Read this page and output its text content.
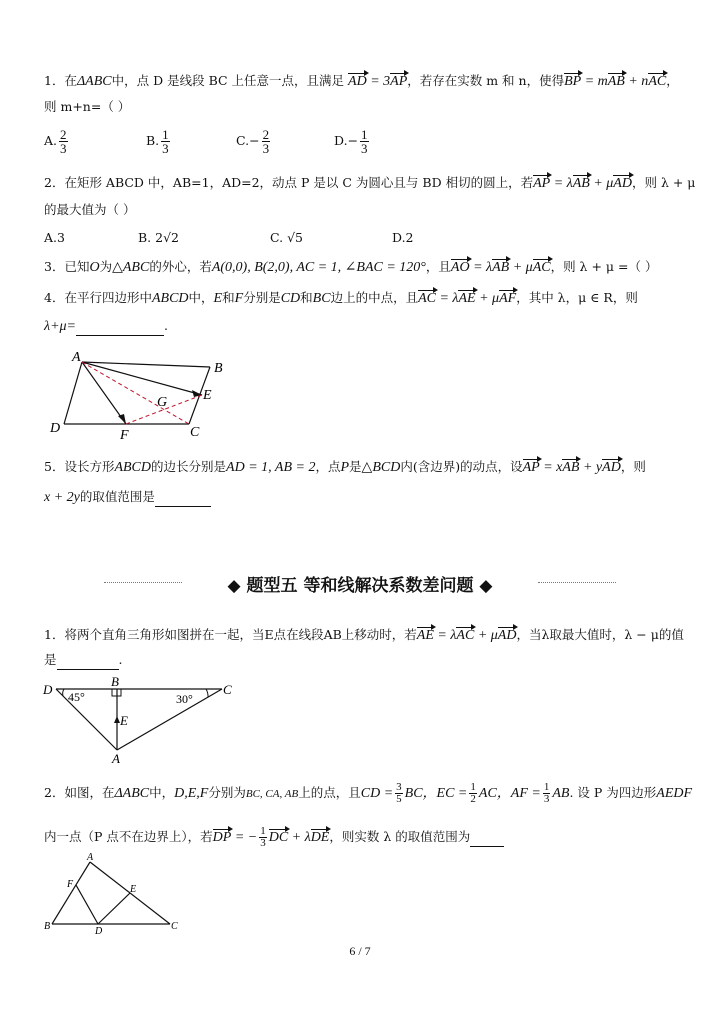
1．在ΔABC中，点 D 是线段 BC 上任意一点，且满足 AD = 3AP，若存在实数 m 和 n，使得BP = mAB + nAC，
则 m+n=（ ）
A. $\frac{2}{3}$	B. $\frac{1}{3}$	$C.- \frac{2}{3}$	$D.- \frac{1}{3}$
2．在矩形 ABCD 中，AB=1，AD=2，动点 P 是以 C 为圆心且与 BD 相切的圆上，若AP = λAB + μAD，则 λ + μ
的最大值为（ ）
A.3	B. 2√2	C. √5	D.2
3．已知O为△ABC的外心，若A(0,0), B(2,0), AC = 1, ∠BAC = 120°，且AO = λAB + μAC，则 λ + μ =（ ）
4．在平行四边形中ABCD中，E和F分别是CD和BC边上的中点，且AC = λAE + μAF，其中 λ，μ ∈ R，则
λ+μ=	.
A
B
C
D
E
F
G
5．设长方形ABCD的边长分别是AD = 1, AB = 2，点P是△BCD内(含边界)的动点，设AP = xAB + yAD，则
x + 2y的取值范围是
◆ 题型五 等和线解决系数差问题 ◆
1．将两个直角三角形如图拼在一起，当E点在线段AB上移动时，若AE = λAC + μAD，当λ取最大值时，λ − μ的值
是	.
D
B
C
E
A
45°	30°
2．如图，在ΔABC中，D,E,F分别为BC, CA, AB上的点，且CD = $\frac{3}{5}$ BC，EC = $\frac{1}{2}$ AC，AF = $\frac{1}{3}$ AB. 设 P 为四边形AEDF
内一点（P 点不在边界上），若DP = − $\frac{1}{3}$ DC + λDE，则实数 λ 的取值范围为
A
B	C
D
E
F
6 / 7
